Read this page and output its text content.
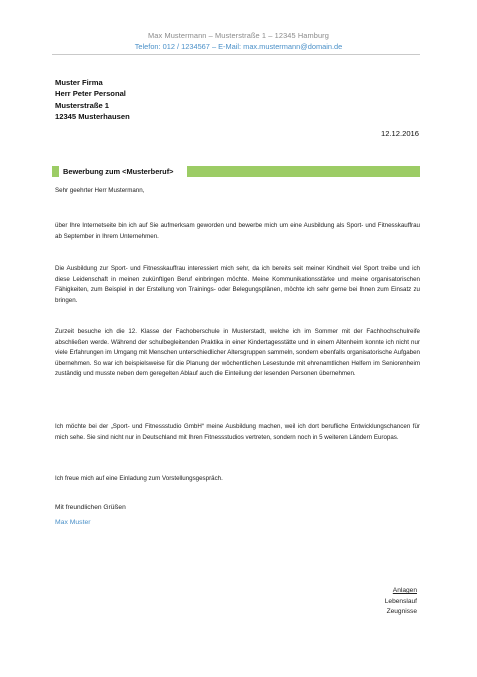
Max Mustermann – Musterstraße 1 – 12345 Hamburg
Telefon: 012 / 1234567 – E-Mail: max.mustermann@domain.de
Muster Firma
Herr Peter Personal
Musterstraße 1
12345 Musterhausen
12.12.2016
Bewerbung zum <Musterberuf>
Sehr geehrter Herr Mustermann,
über Ihre Internetseite bin ich auf Sie aufmerksam geworden und bewerbe mich um eine Ausbildung als Sport- und Fitnesskauffrau ab September in Ihrem Unternehmen.
Die Ausbildung zur Sport- und Fitnesskauffrau interessiert mich sehr, da ich bereits seit meiner Kindheit viel Sport treibe und ich diese Leidenschaft in meinen zukünftigen Beruf einbringen möchte. Meine Kommunikationsstärke und meine organisatorischen Fähigkeiten, zum Beispiel in der Erstellung von Trainings- oder Belegungsplänen, möchte ich sehr gerne bei Ihnen zum Einsatz zu bringen.
Zurzeit besuche ich die 12. Klasse der Fachoberschule in Musterstadt, welche ich im Sommer mit der Fachhochschulreife abschließen werde. Während der schulbegleitenden Praktika in einer Kindertagesstätte und in einem Altenheim konnte ich nicht nur viele Erfahrungen im Umgang mit Menschen unterschiedlicher Altersgruppen sammeln, sondern ebenfalls organisatorische Aufgaben übernehmen. So war ich beispielsweise für die Planung der wöchentlichen Lesestunde mit ehrenamtlichen Helfern im Seniorenheim zuständig und musste neben dem geregelten Ablauf auch die Einteilung der lesenden Personen übernehmen.
Ich möchte bei der „Sport- und Fitnessstudio GmbH“ meine Ausbildung machen, weil ich dort berufliche Entwicklungschancen für mich sehe. Sie sind nicht nur in Deutschland mit Ihren Fitnessstudios vertreten, sondern noch in 5 weiteren Ländern Europas.
Ich freue mich auf eine Einladung zum Vorstellungsgespräch.
Mit freundlichen Grüßen
Max Muster
Anlagen
Lebenslauf
Zeugnisse
